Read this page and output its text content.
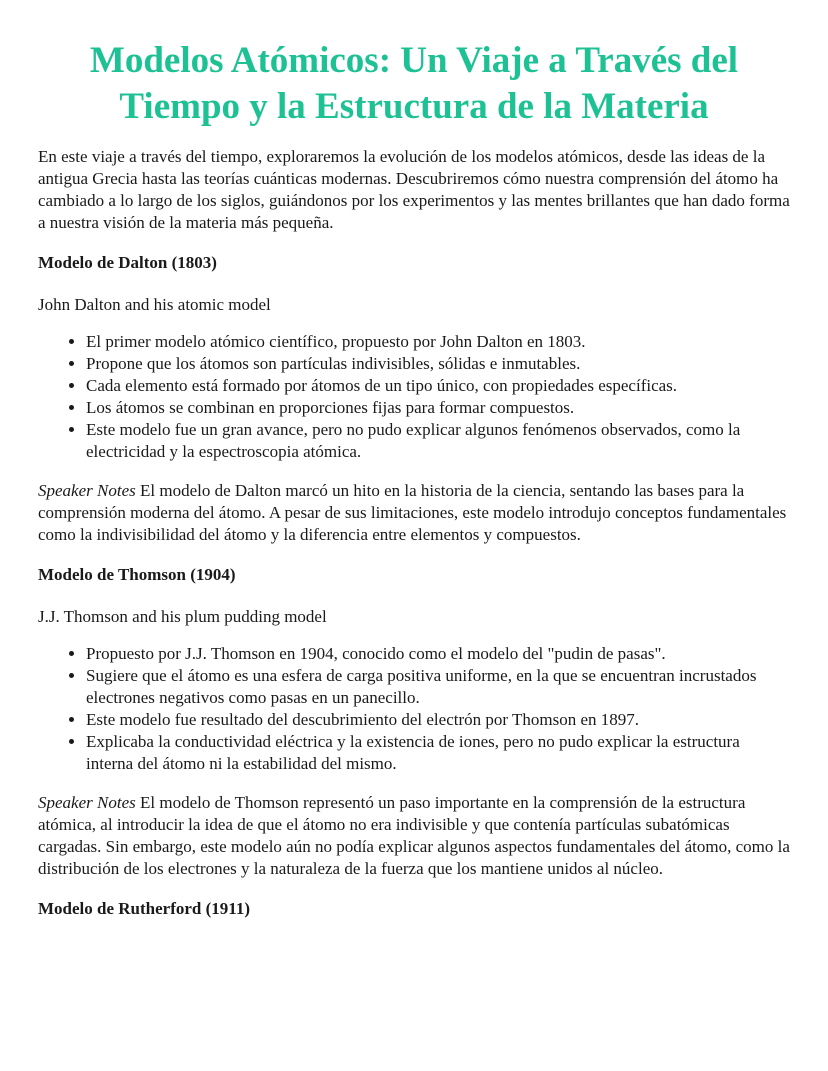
Modelos Atómicos: Un Viaje a Través del Tiempo y la Estructura de la Materia

En este viaje a través del tiempo, exploraremos la evolución de los modelos atómicos, desde las ideas de la antigua Grecia hasta las teorías cuánticas modernas. Descubriremos cómo nuestra comprensión del átomo ha cambiado a lo largo de los siglos, guiándonos por los experimentos y las mentes brillantes que han dado forma a nuestra visión de la materia más pequeña.

Modelo de Dalton (1803)

John Dalton and his atomic model

• El primer modelo atómico científico, propuesto por John Dalton en 1803.
• Propone que los átomos son partículas indivisibles, sólidas e inmutables.
• Cada elemento está formado por átomos de un tipo único, con propiedades específicas.
• Los átomos se combinan en proporciones fijas para formar compuestos.
• Este modelo fue un gran avance, pero no pudo explicar algunos fenómenos observados, como la electricidad y la espectroscopia atómica.

Speaker Notes El modelo de Dalton marcó un hito en la historia de la ciencia, sentando las bases para la comprensión moderna del átomo. A pesar de sus limitaciones, este modelo introdujo conceptos fundamentales como la indivisibilidad del átomo y la diferencia entre elementos y compuestos.

Modelo de Thomson (1904)

J.J. Thomson and his plum pudding model

• Propuesto por J.J. Thomson en 1904, conocido como el modelo del "pudin de pasas".
• Sugiere que el átomo es una esfera de carga positiva uniforme, en la que se encuentran incrustados electrones negativos como pasas en un panecillo.
• Este modelo fue resultado del descubrimiento del electrón por Thomson en 1897.
• Explicaba la conductividad eléctrica y la existencia de iones, pero no pudo explicar la estructura interna del átomo ni la estabilidad del mismo.

Speaker Notes El modelo de Thomson representó un paso importante en la comprensión de la estructura atómica, al introducir la idea de que el átomo no era indivisible y que contenía partículas subatómicas cargadas. Sin embargo, este modelo aún no podía explicar algunos aspectos fundamentales del átomo, como la distribución de los electrones y la naturaleza de la fuerza que los mantiene unidos al núcleo.

Modelo de Rutherford (1911)
